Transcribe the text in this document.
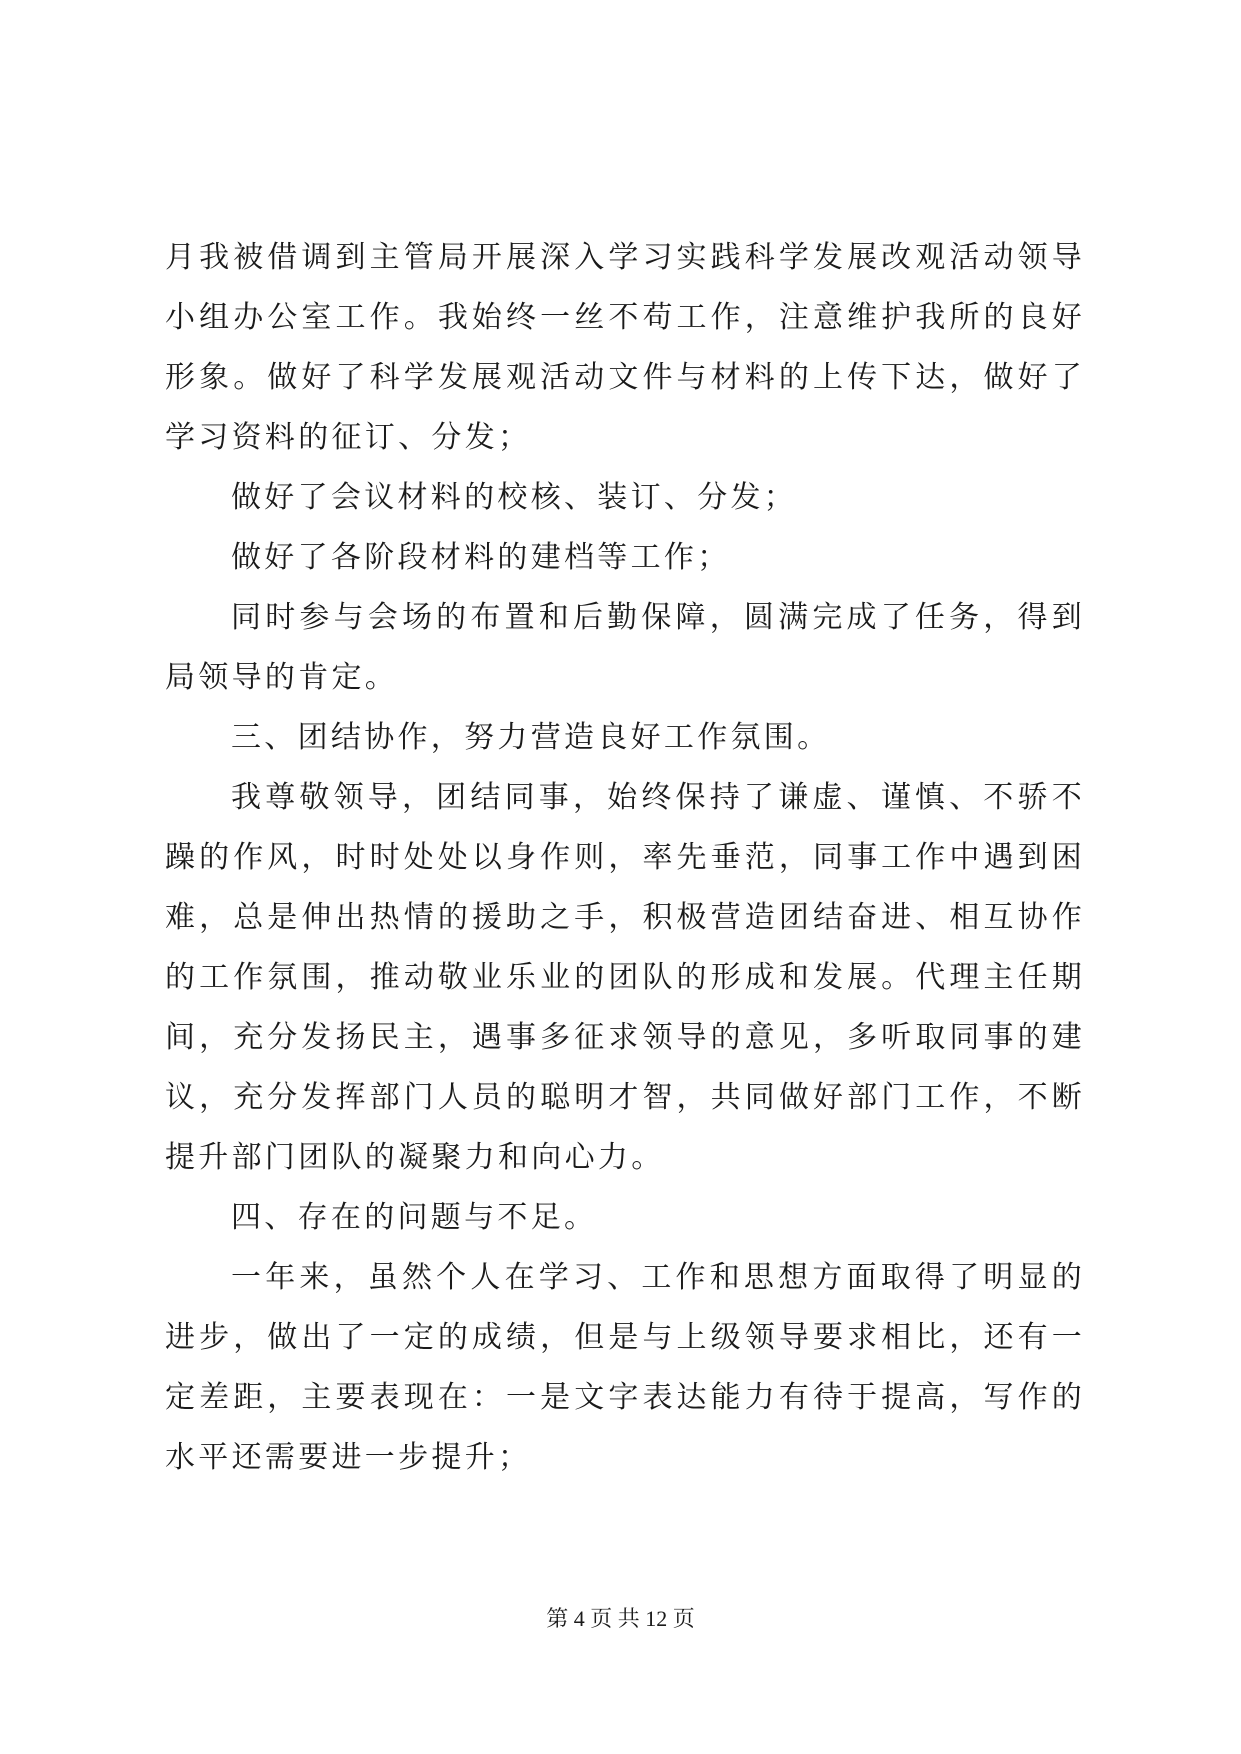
月我被借调到主管局开展深入学习实践科学发展改观活动领导小组办公室工作。我始终一丝不苟工作，注意维护我所的良好形象。做好了科学发展观活动文件与材料的上传下达，做好了学习资料的征订、分发；

做好了会议材料的校核、装订、分发；

做好了各阶段材料的建档等工作；

同时参与会场的布置和后勤保障，圆满完成了任务，得到局领导的肯定。

三、团结协作，努力营造良好工作氛围。

我尊敬领导，团结同事，始终保持了谦虚、谨慎、不骄不躁的作风，时时处处以身作则，率先垂范，同事工作中遇到困难，总是伸出热情的援助之手，积极营造团结奋进、相互协作的工作氛围，推动敬业乐业的团队的形成和发展。代理主任期间，充分发扬民主，遇事多征求领导的意见，多听取同事的建议，充分发挥部门人员的聪明才智，共同做好部门工作，不断提升部门团队的凝聚力和向心力。

四、存在的问题与不足。

一年来，虽然个人在学习、工作和思想方面取得了明显的进步，做出了一定的成绩，但是与上级领导要求相比，还有一定差距，主要表现在：一是文字表达能力有待于提高，写作的水平还需要进一步提升；

第 4 页 共 12 页
